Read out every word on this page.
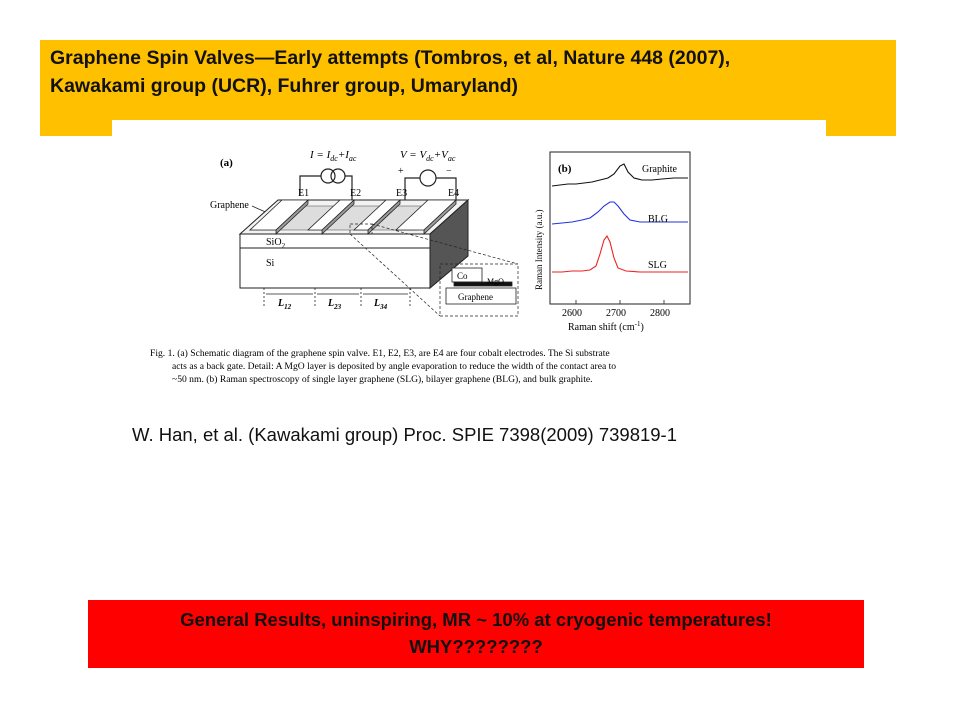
Graphene Spin Valves—Early attempts (Tombros, et al, Nature 448 (2007),
Kawakami group (UCR), Fuhrer group, Umaryland)
(a)
$I = I_{dc}+I_{ac}$	$V = V_{dc}+V_{ac}$
+	−
E1	E2	E3	E4
Graphene
SiO$_2$
Si
$L_{12}$	$L_{23}$	$L_{34}$
Co
MgO
Graphene
(b)
Raman Intensity (a.u.)
2600 2700 2800
Raman shift $(cm^{-1})$
Graphite
BLG
SLG
Fig. 1. (a) Schematic diagram of the graphene spin valve. E1, E2, E3, are E4 are four cobalt electrodes. The Si substrate
acts as a back gate. Detail: A MgO layer is deposited by angle evaporation to reduce the width of the contact area to
~50 nm. (b) Raman spectroscopy of single layer graphene (SLG), bilayer graphene (BLG), and bulk graphite.
W. Han, et al. (Kawakami group) Proc. SPIE 7398(2009) 739819-1
General Results, uninspiring, MR ~ 10% at cryogenic temperatures!
WHY????????
